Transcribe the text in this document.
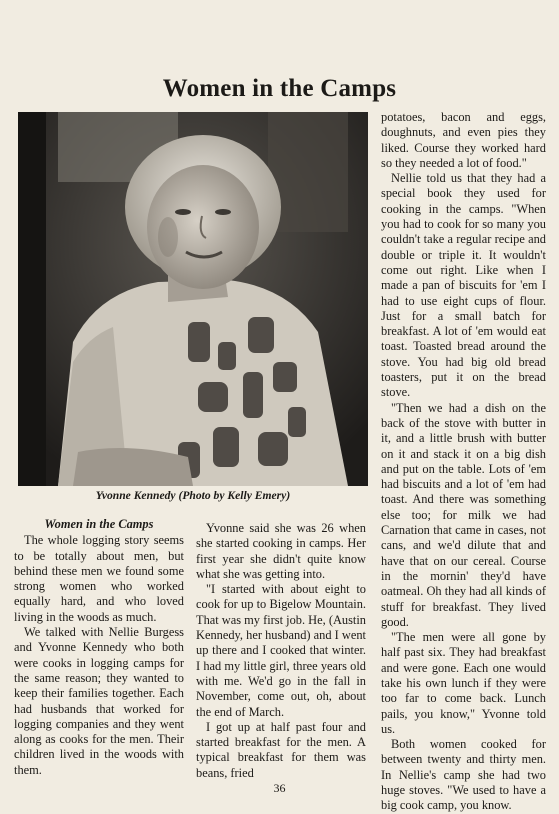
Women in the Camps
Yvonne Kennedy (Photo by Kelly Emery)
Women in the Camps

The whole logging story seems to be totally about men, but behind these men we found some strong women who worked equally hard, and who loved living in the woods as much.

We talked with Nellie Burgess and Yvonne Kennedy who both were cooks in logging camps for the same reason; they wanted to keep their families together. Each had husbands that worked for logging companies and they went along as cooks for the men. Their children lived in the woods with them.

Yvonne said she was 26 when she started cooking in camps. Her first year she didn't quite know what she was getting into.

"I started with about eight to cook for up to Bigelow Mountain. That was my first job. He, (Austin Kennedy, her husband) and I went up there and I cooked that winter. I had my little girl, three years old with me. We'd go in the fall in November, come out, oh, about the end of March.

I got up at half past four and started breakfast for the men. A typical breakfast for them was beans, fried

potatoes, bacon and eggs, doughnuts, and even pies they liked. Course they worked hard so they needed a lot of food."

Nellie told us that they had a special book they used for cooking in the camps. "When you had to cook for so many you couldn't take a regular recipe and double or triple it. It wouldn't come out right. Like when I made a pan of biscuits for 'em I had to use eight cups of flour. Just for a small batch for breakfast. A lot of 'em would eat toast. Toasted bread around the stove. You had big old bread toasters, put it on the bread stove.

"Then we had a dish on the back of the stove with butter in it, and a little brush with butter on it and stack it on a big dish and put on the table. Lots of 'em had biscuits and a lot of 'em had toast. And there was something else too; for milk we had Carnation that came in cases, not cans, and we'd dilute that and have that on our cereal. Course in the mornin' they'd have oatmeal. Oh they had all kinds of stuff for breakfast. They lived good.

"The men were all gone by half past six. They had breakfast and were gone. Each one would take his own lunch if they were too far to come back. Lunch pails, you know," Yvonne told us.

Both women cooked for between twenty and thirty men. In Nellie's camp she had two huge stoves. "We used to have a big cook camp, you know.

36
